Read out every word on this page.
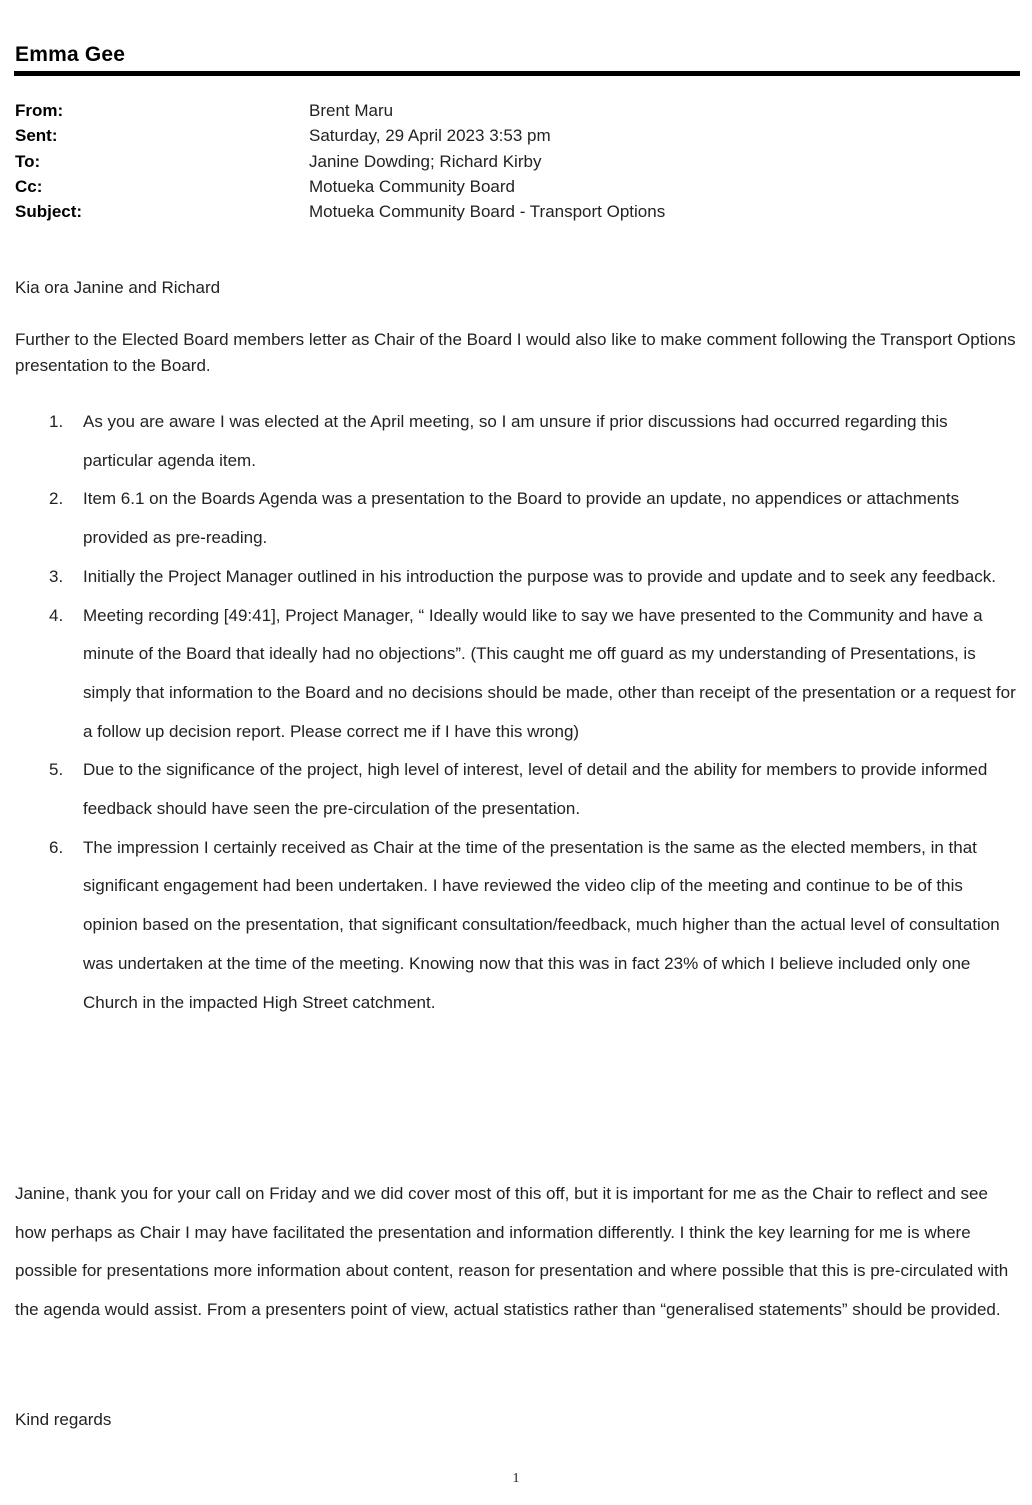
Emma Gee
From:	Brent Maru
Sent:	Saturday, 29 April 2023 3:53 pm
To:	Janine Dowding; Richard Kirby
Cc:	Motueka Community Board
Subject:	Motueka Community Board - Transport Options
Kia ora Janine and Richard
Further to the Elected Board members letter as Chair of the Board I would also like to make comment following the Transport Options presentation to the Board.
1. As you are aware I was elected at the April meeting, so I am unsure if prior discussions had occurred regarding this particular agenda item.
2. Item 6.1 on the Boards Agenda was a presentation to the Board to provide an update, no appendices or attachments provided as pre-reading.
3. Initially the Project Manager outlined in his introduction the purpose was to provide and update and to seek any feedback.
4. Meeting recording [49:41], Project Manager, “ Ideally would like to say we have presented to the Community and have a minute of the Board that ideally had no objections”. (This caught me off guard as my understanding of Presentations, is simply that information to the Board and no decisions should be made, other than receipt of the presentation or a request for a follow up decision report. Please correct me if I have this wrong)
5. Due to the significance of the project, high level of interest, level of detail and the ability for members to provide informed feedback should have seen the pre-circulation of the presentation.
6. The impression I certainly received as Chair at the time of the presentation is the same as the elected members, in that significant engagement had been undertaken. I have reviewed the video clip of the meeting and continue to be of this opinion based on the presentation, that significant consultation/feedback, much higher than the actual level of consultation was undertaken at the time of the meeting. Knowing now that this was in fact 23% of which I believe included only one Church in the impacted High Street catchment.
Janine, thank you for your call on Friday and we did cover most of this off, but it is important for me as the Chair to reflect and see how perhaps as Chair I may have facilitated the presentation and information differently. I think the key learning for me is where possible for presentations more information about content, reason for presentation and where possible that this is pre-circulated with the agenda would assist. From a presenters point of view, actual statistics rather than “generalised statements” should be provided.
Kind regards
1
